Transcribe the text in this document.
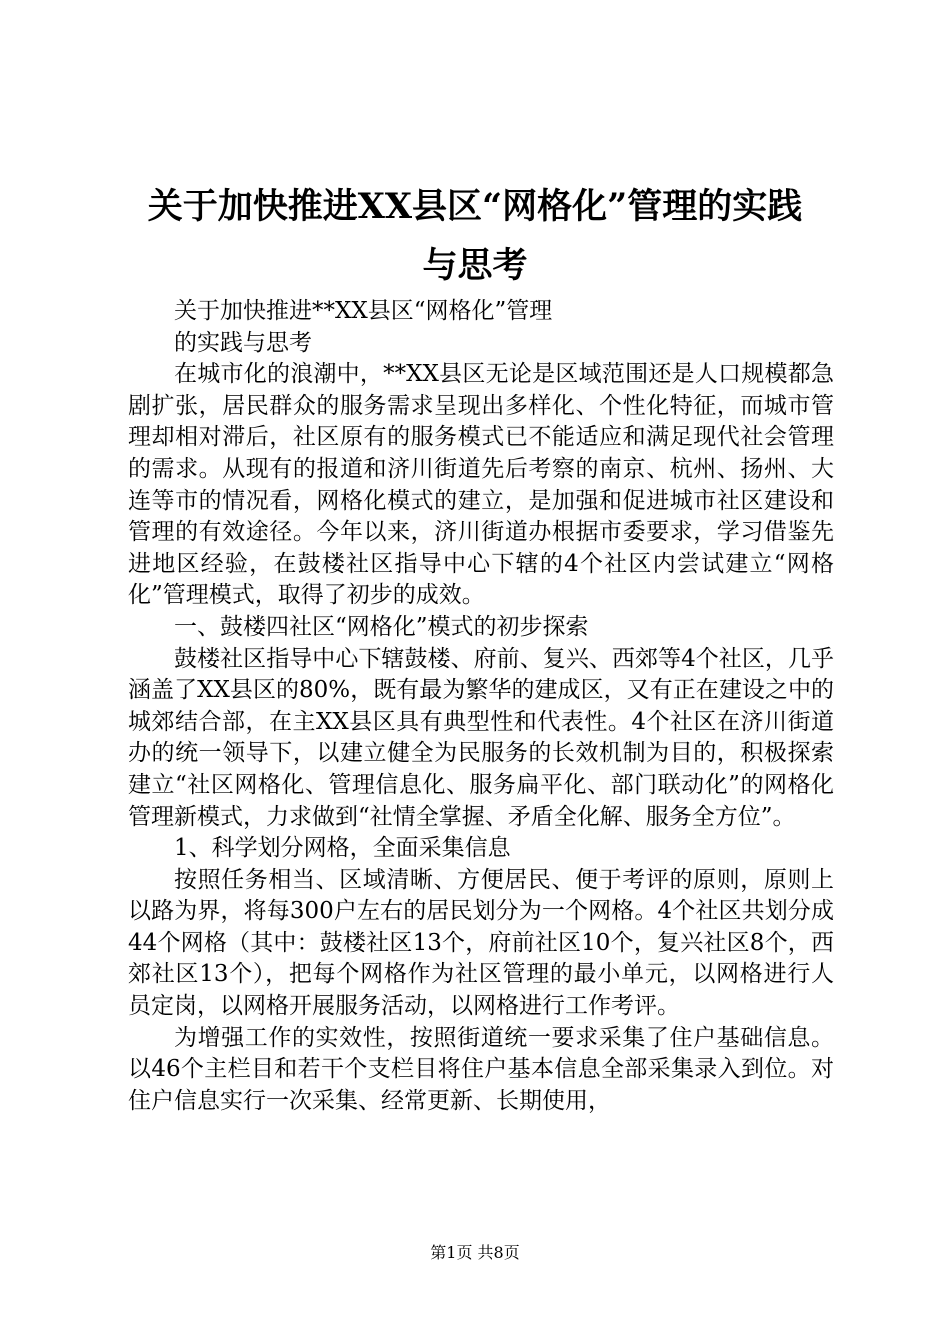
关于加快推进XX县区“网格化”管理的实践
与思考

关于加快推进**XX县区“网格化”管理

的实践与思考

在城市化的浪潮中，**XX县区无论是区域范围还是人口规模都急剧扩张，居民群众的服务需求呈现出多样化、个性化特征，而城市管理却相对滞后，社区原有的服务模式已不能适应和满足现代社会管理的需求。从现有的报道和济川街道先后考察的南京、杭州、扬州、大连等市的情况看，网格化模式的建立，是加强和促进城市社区建设和管理的有效途径。今年以来，济川街道办根据市委要求，学习借鉴先进地区经验，在鼓楼社区指导中心下辖的4个社区内尝试建立“网格化”管理模式，取得了初步的成效。

一、鼓楼四社区“网格化”模式的初步探索

鼓楼社区指导中心下辖鼓楼、府前、复兴、西郊等4个社区，几乎涵盖了XX县区的80%，既有最为繁华的建成区，又有正在建设之中的城郊结合部，在主XX县区具有典型性和代表性。4个社区在济川街道办的统一领导下，以建立健全为民服务的长效机制为目的，积极探索建立“社区网格化、管理信息化、服务扁平化、部门联动化”的网格化管理新模式，力求做到“社情全掌握、矛盾全化解、服务全方位”。

1、科学划分网格，全面采集信息

按照任务相当、区域清晰、方便居民、便于考评的原则，原则上以路为界，将每300户左右的居民划分为一个网格。4个社区共划分成44个网格（其中：鼓楼社区13个，府前社区10个，复兴社区8个，西郊社区13个），把每个网格作为社区管理的最小单元，以网格进行人员定岗，以网格开展服务活动，以网格进行工作考评。

为增强工作的实效性，按照街道统一要求采集了住户基础信息。以46个主栏目和若干个支栏目将住户基本信息全部采集录入到位。对住户信息实行一次采集、经常更新、长期使用，

第1页 共8页
